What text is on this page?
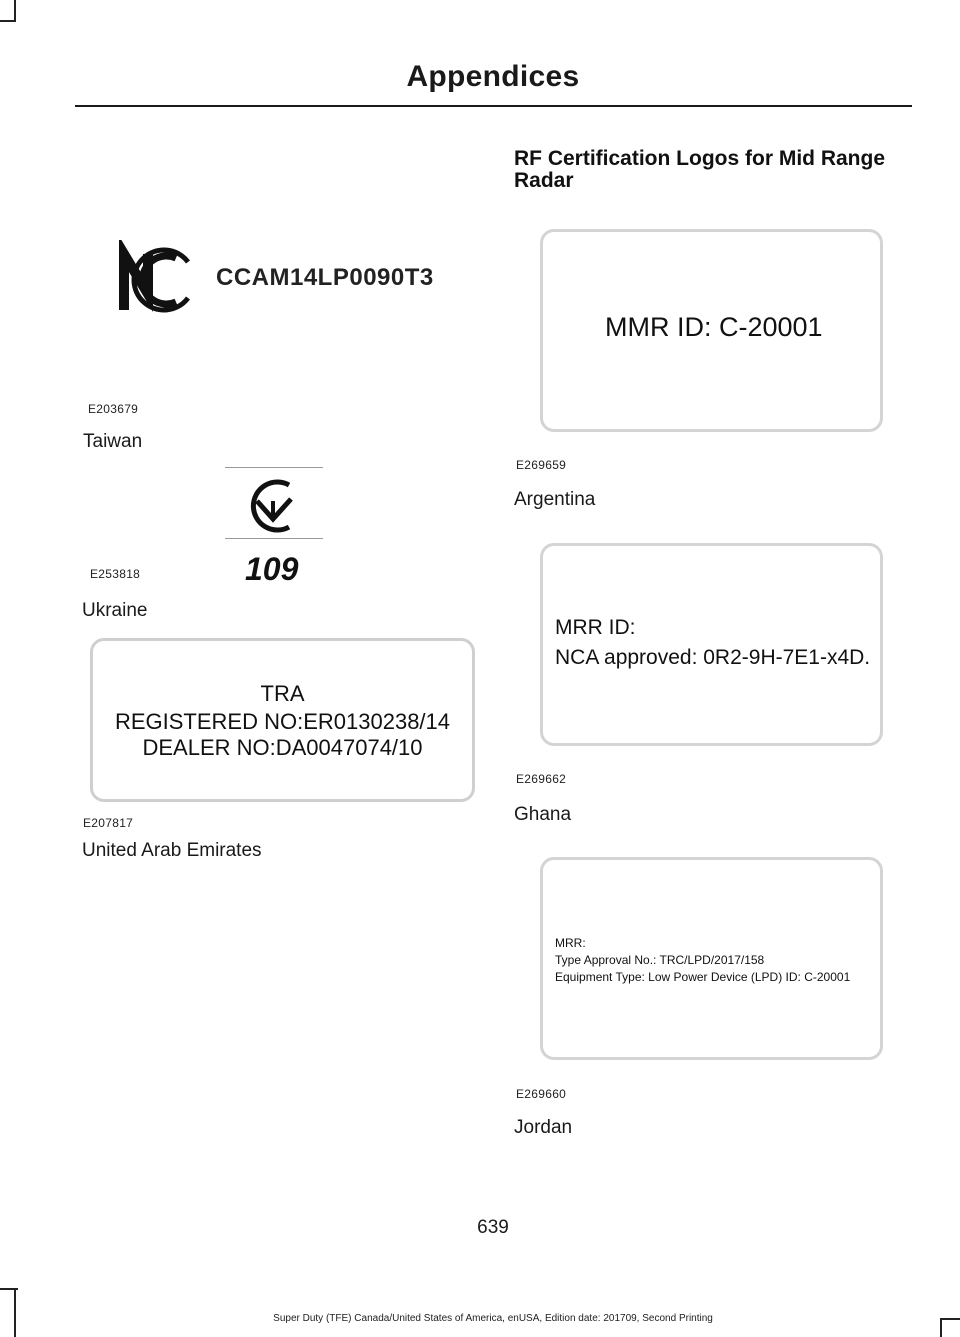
Appendices
CCAM14LP0090T3
E203679
Taiwan
109
E253818
Ukraine
TRA
REGISTERED NO:ER0130238/14
DEALER NO:DA0047074/10
E207817
United Arab Emirates
RF Certification Logos for Mid Range Radar
MMR ID: C-20001
E269659
Argentina
MRR ID:
NCA approved: 0R2-9H-7E1-x4D.
E269662
Ghana
MRR:
Type Approval No.: TRC/LPD/2017/158
Equipment Type: Low Power Device (LPD) ID: C-20001
E269660
Jordan
639
Super Duty (TFE) Canada/United States of America, enUSA, Edition date: 201709, Second Printing
